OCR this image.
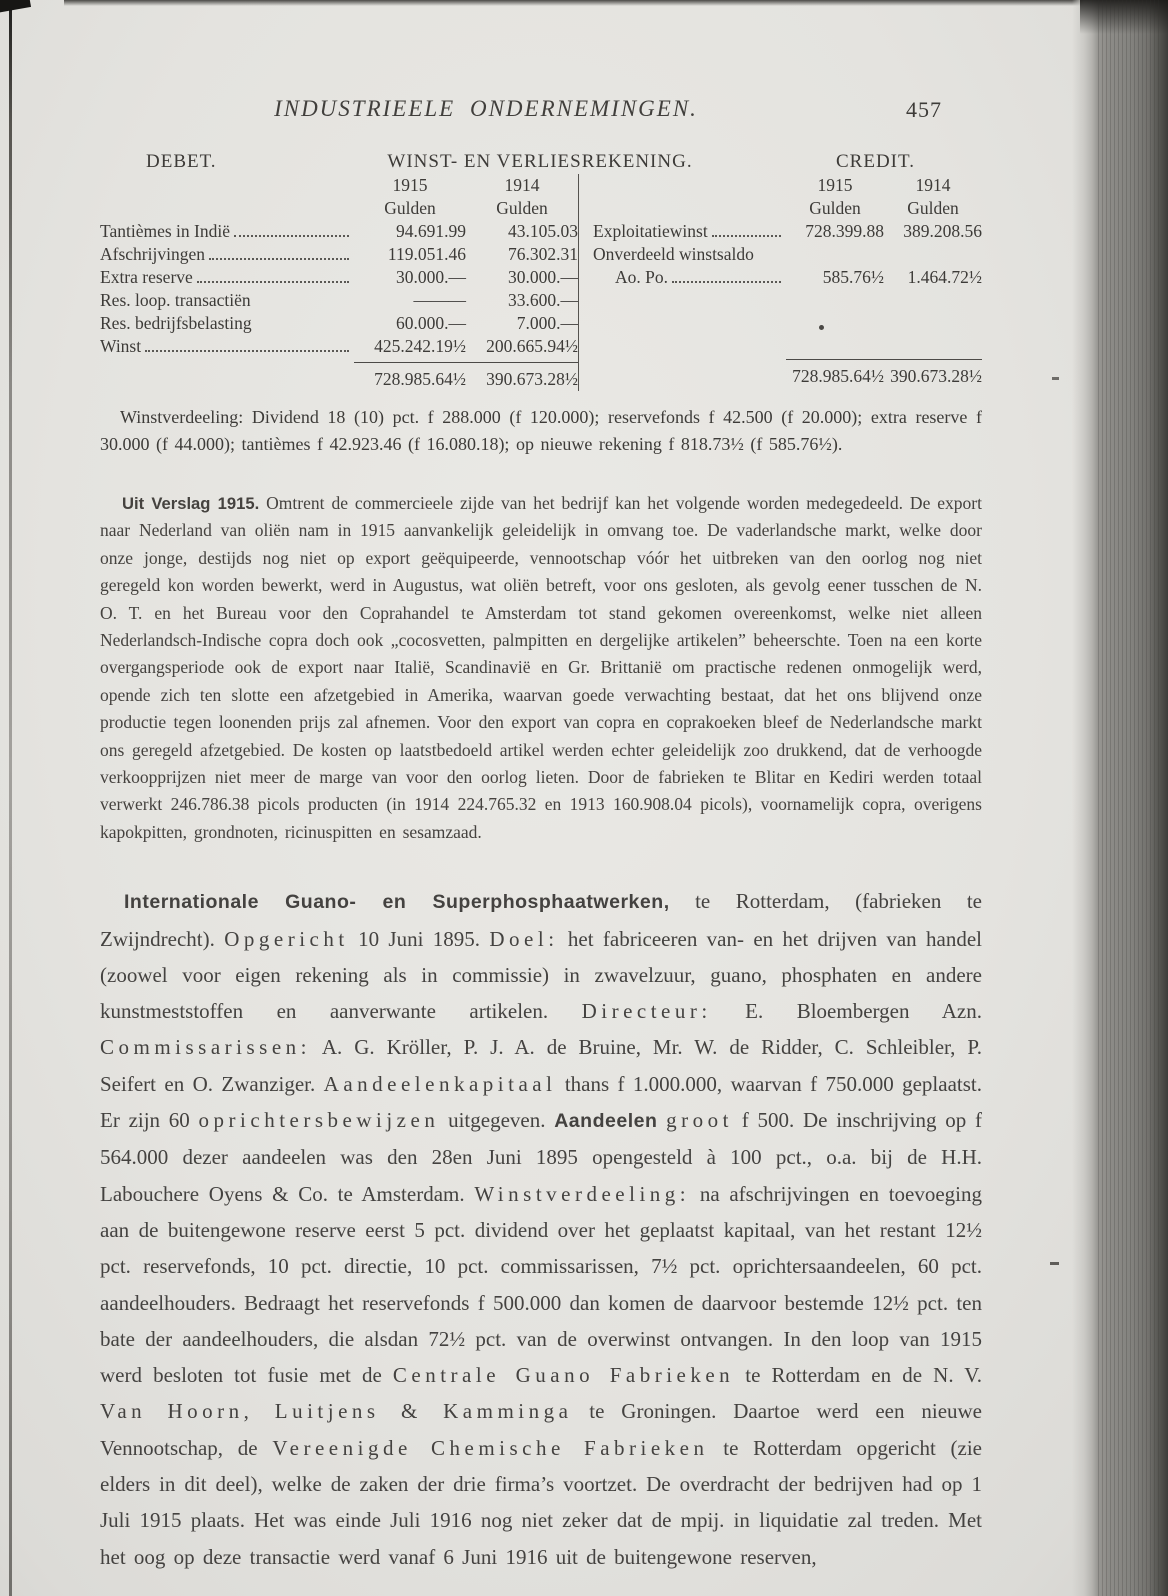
INDUSTRIEELE ONDERNEMINGEN.	457
DEBET.	WINST- EN VERLIESREKENING.	CREDIT.
1915	1914
Gulden	Gulden
Tantièmes in Indië	94.691.99	43.105.03
Afschrijvingen	119.051.46	76.302.31
Extra reserve	30.000.—	30.000.—
Res. loop. transactiën	———	33.600.—
Res. bedrijfsbelasting	60.000.—	7.000.—
Winst	425.242.19½	200.665.94½
728.985.64½	390.673.28½
1915	1914
Gulden	Gulden
Exploitatiewinst	728.399.88	389.208.56
Onverdeeld winstsaldo
Ao. Po.	585.76½	1.464.72½
728.985.64½ 390.673.28½

Winstverdeeling: Dividend 18 (10) pct. f 288.000 (f 120.000); reservefonds f 42.500 (f 20.000); extra reserve f 30.000 (f 44.000); tantièmes f 42.923.46 (f 16.080.18); op nieuwe rekening f 818.73½ (f 585.76½).

Uit Verslag 1915. Omtrent de commercieele zijde van het bedrijf kan het volgende worden medegedeeld. De export naar Nederland van oliën nam in 1915 aanvankelijk geleidelijk in omvang toe. De vaderlandsche markt, welke door onze jonge, destijds nog niet op export geëquipeerde, vennootschap vóór het uitbreken van den oorlog nog niet geregeld kon worden bewerkt, werd in Augustus, wat oliën betreft, voor ons gesloten, als gevolg eener tusschen de N. O. T. en het Bureau voor den Coprahandel te Amsterdam tot stand gekomen overeenkomst, welke niet alleen Nederlandsch-Indische copra doch ook „cocosvetten, palmpitten en dergelijke artikelen” beheerschte. Toen na een korte overgangsperiode ook de export naar Italië, Scandinavië en Gr. Brittanië om practische redenen onmogelijk werd, opende zich ten slotte een afzetgebied in Amerika, waarvan goede verwachting bestaat, dat het ons blijvend onze productie tegen loonenden prijs zal afnemen. Voor den export van copra en coprakoeken bleef de Nederlandsche markt ons geregeld afzetgebied. De kosten op laatstbedoeld artikel werden echter geleidelijk zoo drukkend, dat de verhoogde verkoopprijzen niet meer de marge van voor den oorlog lieten. Door de fabrieken te Blitar en Kediri werden totaal verwerkt 246.786.38 picols producten (in 1914 224.765.32 en 1913 160.908.04 picols), voornamelijk copra, overigens kapokpitten, grondnoten, ricinuspitten en sesamzaad.

Internationale Guano- en Superphosphaatwerken, te Rotterdam, (fabrieken te Zwijndrecht). Opgericht 10 Juni 1895. Doel: het fabriceeren van- en het drijven van handel (zoowel voor eigen rekening als in commissie) in zwavelzuur, guano, phosphaten en andere kunstmeststoffen en aanverwante artikelen. Directeur: E. Bloembergen Azn. Commissarissen: A. G. Kröller, P. J. A. de Bruine, Mr. W. de Ridder, C. Schleibler, P. Seifert en O. Zwanziger. Aandeelenkapitaal thans f 1.000.000, waarvan f 750.000 geplaatst. Er zijn 60 oprichtersbewijzen uitgegeven. Aandeelen groot f 500. De inschrijving op f 564.000 dezer aandeelen was den 28en Juni 1895 opengesteld à 100 pct., o.a. bij de H.H. Labouchere Oyens & Co. te Amsterdam. Winstverdeeling: na afschrijvingen en toevoeging aan de buitengewone reserve eerst 5 pct. dividend over het geplaatst kapitaal, van het restant 12½ pct. reservefonds, 10 pct. directie, 10 pct. commissarissen, 7½ pct. oprichtersaandeelen, 60 pct. aandeelhouders. Bedraagt het reservefonds f 500.000 dan komen de daarvoor bestemde 12½ pct. ten bate der aandeelhouders, die alsdan 72½ pct. van de overwinst ontvangen. In den loop van 1915 werd besloten tot fusie met de Centrale Guano Fabrieken te Rotterdam en de N. V. Van Hoorn, Luitjens & Kamminga te Groningen. Daartoe werd een nieuwe Vennootschap, de Vereenigde Chemische Fabrieken te Rotterdam opgericht (zie elders in dit deel), welke de zaken der drie firma’s voortzet. De overdracht der bedrijven had op 1 Juli 1915 plaats. Het was einde Juli 1916 nog niet zeker dat de mpij. in liquidatie zal treden. Met het oog op deze transactie werd vanaf 6 Juni 1916 uit de buitengewone reserven,
